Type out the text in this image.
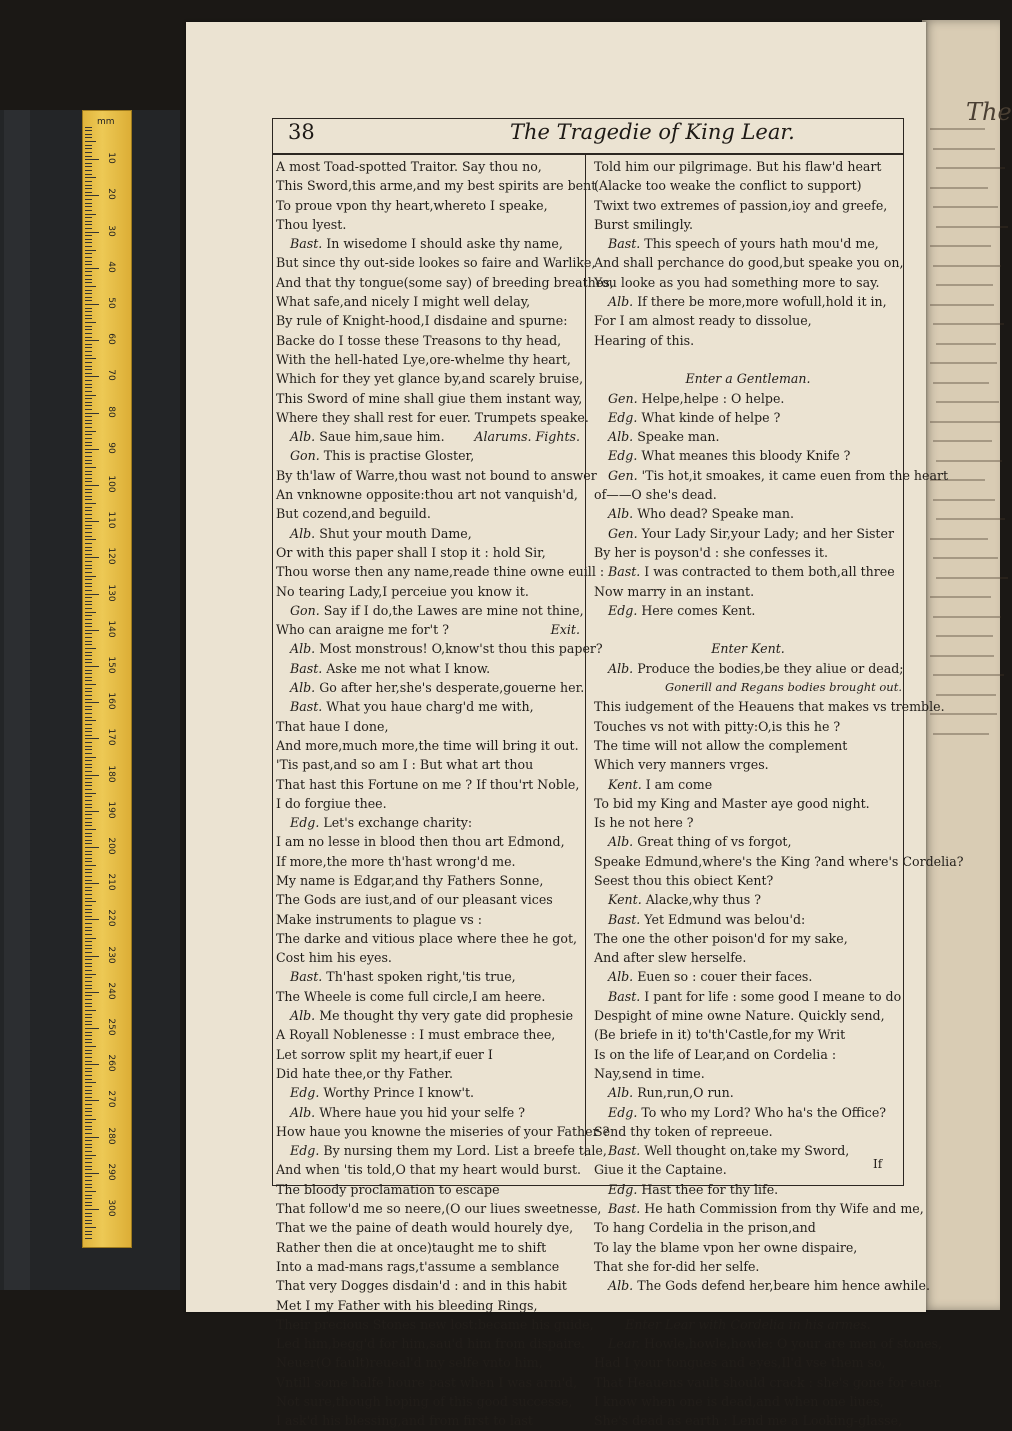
mm
10
20
30
40
50
60
70
80
90
100
110
120
130
140
150
160
170
180
190
200
210
220
230
240
250
260
270
280
290
300
The
38	The Tragedie of King Lear.
A most Toad-spotted Traitor. Say thou no,
This Sword,this arme,and my best spirits are bent
To proue vpon thy heart,whereto I speake,
Thou lyest.
Bast. In wisedome I should aske thy name,
But since thy out-side lookes so faire and Warlike,
And that thy tongue(some say) of breeding breathes,
What safe,and nicely I might well delay,
By rule of Knight-hood,I disdaine and spurne:
Backe do I tosse these Treasons to thy head,
With the hell-hated Lye,ore-whelme thy heart,
Which for they yet glance by,and scarely bruise,
This Sword of mine shall giue them instant way,
Where they shall rest for euer. Trumpets speake.
Alb. Saue him,saue him. Alarums. Fights.
Gon. This is practise Gloster,
By th'law of Warre,thou wast not bound to answer
An vnknowne opposite:thou art not vanquish'd,
But cozend,and beguild.
Alb. Shut your mouth Dame,
Or with this paper shall I stop it : hold Sir,
Thou worse then any name,reade thine owne euill :
No tearing Lady,I perceiue you know it.
Gon. Say if I do,the Lawes are mine not thine,
Who can araigne me for't ?	Exit.
Alb. Most monstrous! O,know'st thou this paper?
Bast. Aske me not what I know.
Alb. Go after her,she's desperate,gouerne her.
Bast. What you haue charg'd me with,
That haue I done,
And more,much more,the time will bring it out.
'Tis past,and so am I : But what art thou
That hast this Fortune on me ? If thou'rt Noble,
I do forgiue thee.
Edg. Let's exchange charity:
I am no lesse in blood then thou art Edmond,
If more,the more th'hast wrong'd me.
My name is Edgar,and thy Fathers Sonne,
The Gods are iust,and of our pleasant vices
Make instruments to plague vs :
The darke and vitious place where thee he got,
Cost him his eyes.
Bast. Th'hast spoken right,'tis true,
The Wheele is come full circle,I am heere.
Alb. Me thought thy very gate did prophesie
A Royall Noblenesse : I must embrace thee,
Let sorrow split my heart,if euer I
Did hate thee,or thy Father.
Edg. Worthy Prince I know't.
Alb. Where haue you hid your selfe ?
How haue you knowne the miseries of your Father ?
Edg. By nursing them my Lord. List a breefe tale,
And when 'tis told,O that my heart would burst.
The bloody proclamation to escape
That follow'd me so neere,(O our liues sweetnesse,
That we the paine of death would hourely dye,
Rather then die at once)taught me to shift
Into a mad-mans rags,t'assume a semblance
That very Dogges disdain'd : and in this habit
Met I my Father with his bleeding Rings,
Their precious Stones new lost:became his guide,
Led him,begg'd for him,sau'd him from dispaire.
Neuer(O fault)reueal'd my selfe vnto him,
Vntill some halfe houre past when I was arm'd,
Not sure,though hoping of this good successe,
I ask'd his blessing,and from first to last
Told him our pilgrimage. But his flaw'd heart
(Alacke too weake the conflict to support)
Twixt two extremes of passion,ioy and greefe,
Burst smilingly.
Bast. This speech of yours hath mou'd me,
And shall perchance do good,but speake you on,
You looke as you had something more to say.
Alb. If there be more,more wofull,hold it in,
For I am almost ready to dissolue,
Hearing of this.
Enter a Gentleman.
Gen. Helpe,helpe : O helpe.
Edg. What kinde of helpe ?
Alb. Speake man.
Edg. What meanes this bloody Knife ?
Gen. 'Tis hot,it smoakes, it came euen from the heart
of——O she's dead.
Alb. Who dead? Speake man.
Gen. Your Lady Sir,your Lady; and her Sister
By her is poyson'd : she confesses it.
Bast. I was contracted to them both,all three
Now marry in an instant.
Edg. Here comes Kent.
Enter Kent.
Alb. Produce the bodies,be they aliue or dead;
Gonerill and Regans bodies brought out.
This iudgement of the Heauens that makes vs tremble.
Touches vs not with pitty:O,is this he ?
The time will not allow the complement
Which very manners vrges.
Kent. I am come
To bid my King and Master aye good night.
Is he not here ?
Alb. Great thing of vs forgot,
Speake Edmund,where's the King ?and where's Cordelia?
Seest thou this obiect Kent?
Kent. Alacke,why thus ?
Bast. Yet Edmund was belou'd:
The one the other poison'd for my sake,
And after slew herselfe.
Alb. Euen so : couer their faces.
Bast. I pant for life : some good I meane to do
Despight of mine owne Nature. Quickly send,
(Be briefe in it) to'th'Castle,for my Writ
Is on the life of Lear,and on Cordelia :
Nay,send in time.
Alb. Run,run,O run.
Edg. To who my Lord? Who ha's the Office?
Send thy token of repreeue.
Bast. Well thought on,take my Sword,
Giue it the Captaine.
Edg. Hast thee for thy life.
Bast. He hath Commission from thy Wife and me,
To hang Cordelia in the prison,and
To lay the blame vpon her owne dispaire,
That she for-did her selfe.
Alb. The Gods defend her,beare him hence awhile.
Enter Lear with Cordelia in his armes.
Lear. Howle,howle,howle: O your are men of stones,
Had I your tongues and eyes,Il'd vse them so,
That Heauens vault should crack : she's gone for euer.
I know when one is dead,and when one liues,
She's dead as earth : Lend me a Looking-glasse,
If
